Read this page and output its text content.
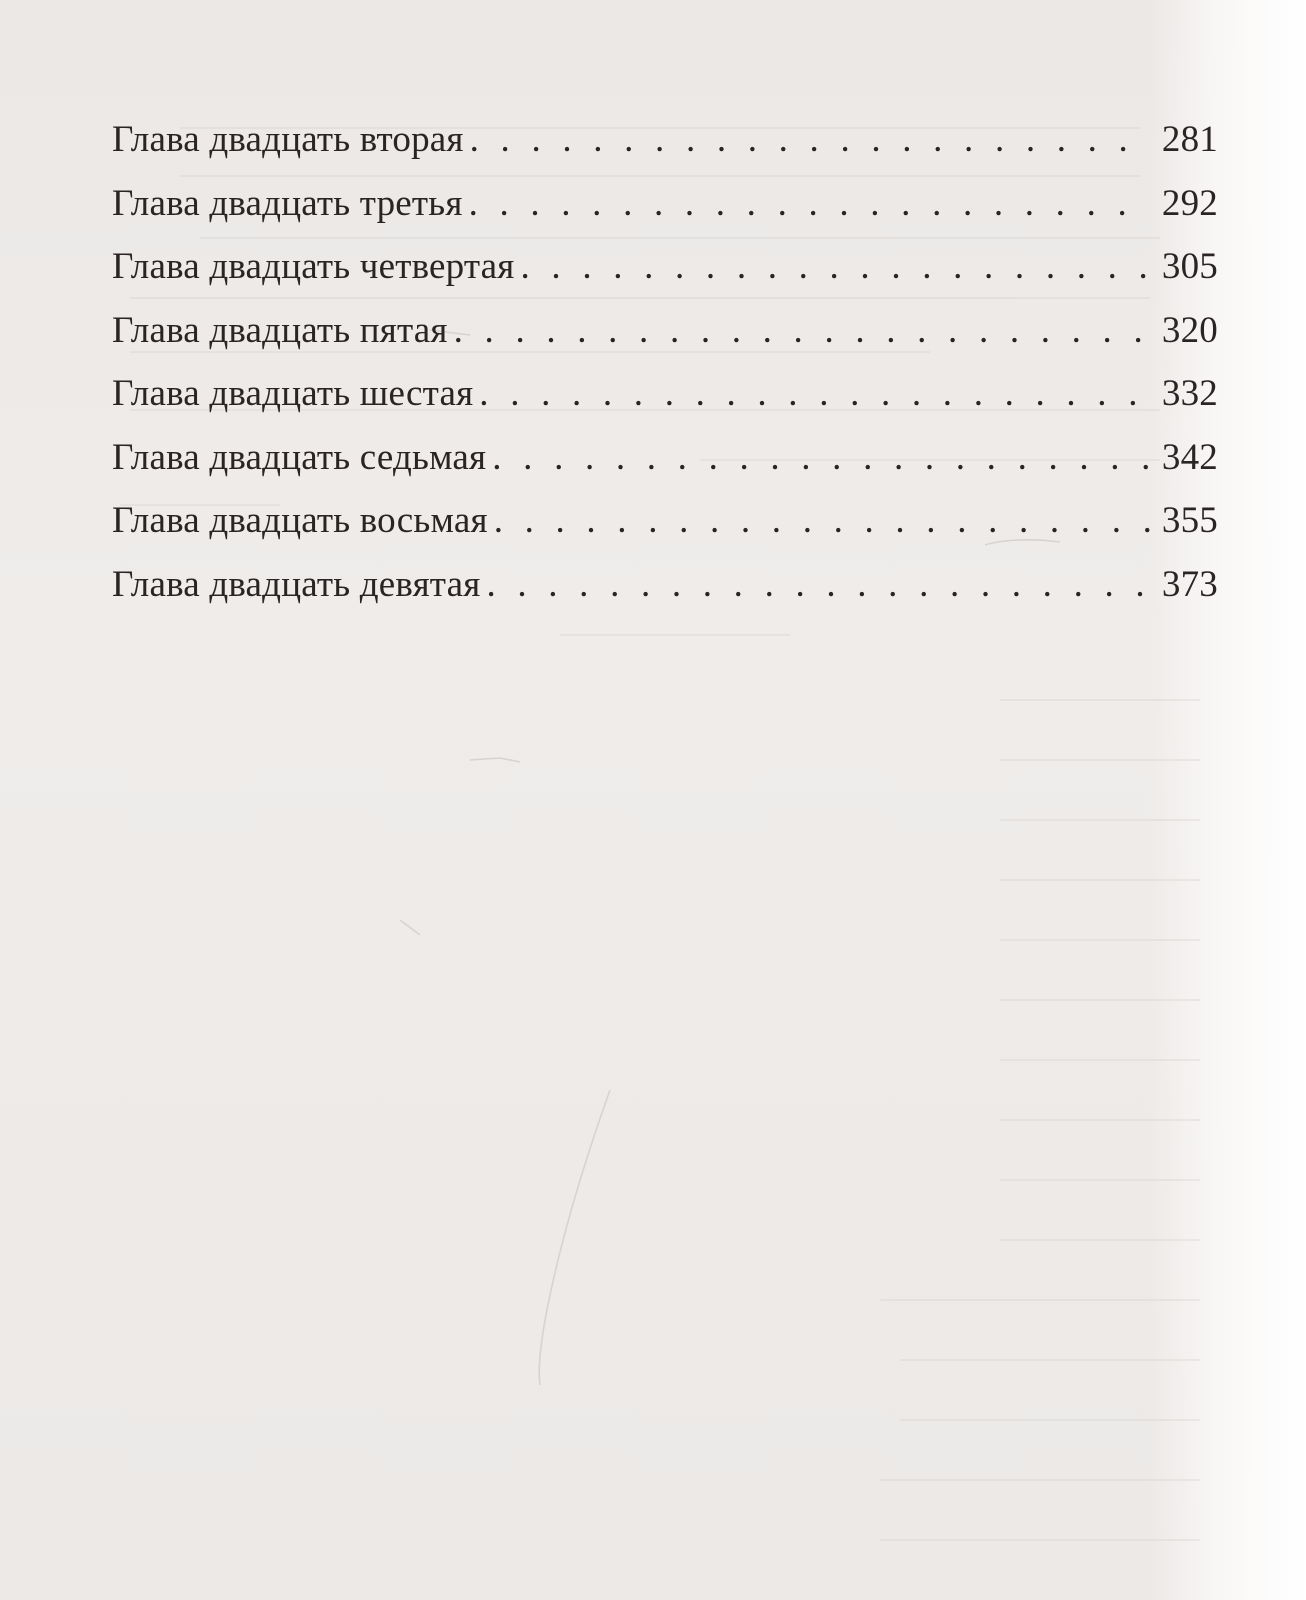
Глава двадцать вторая . . .	281
Глава двадцать третья . . .	292
Глава двадцать четвертая . . .	305
Глава двадцать пятая . . .	320
Глава двадцать шестая . . .	332
Глава двадцать седьмая . . .	342
Глава двадцать восьмая . . .	355
Глава двадцать девятая . . .	373
